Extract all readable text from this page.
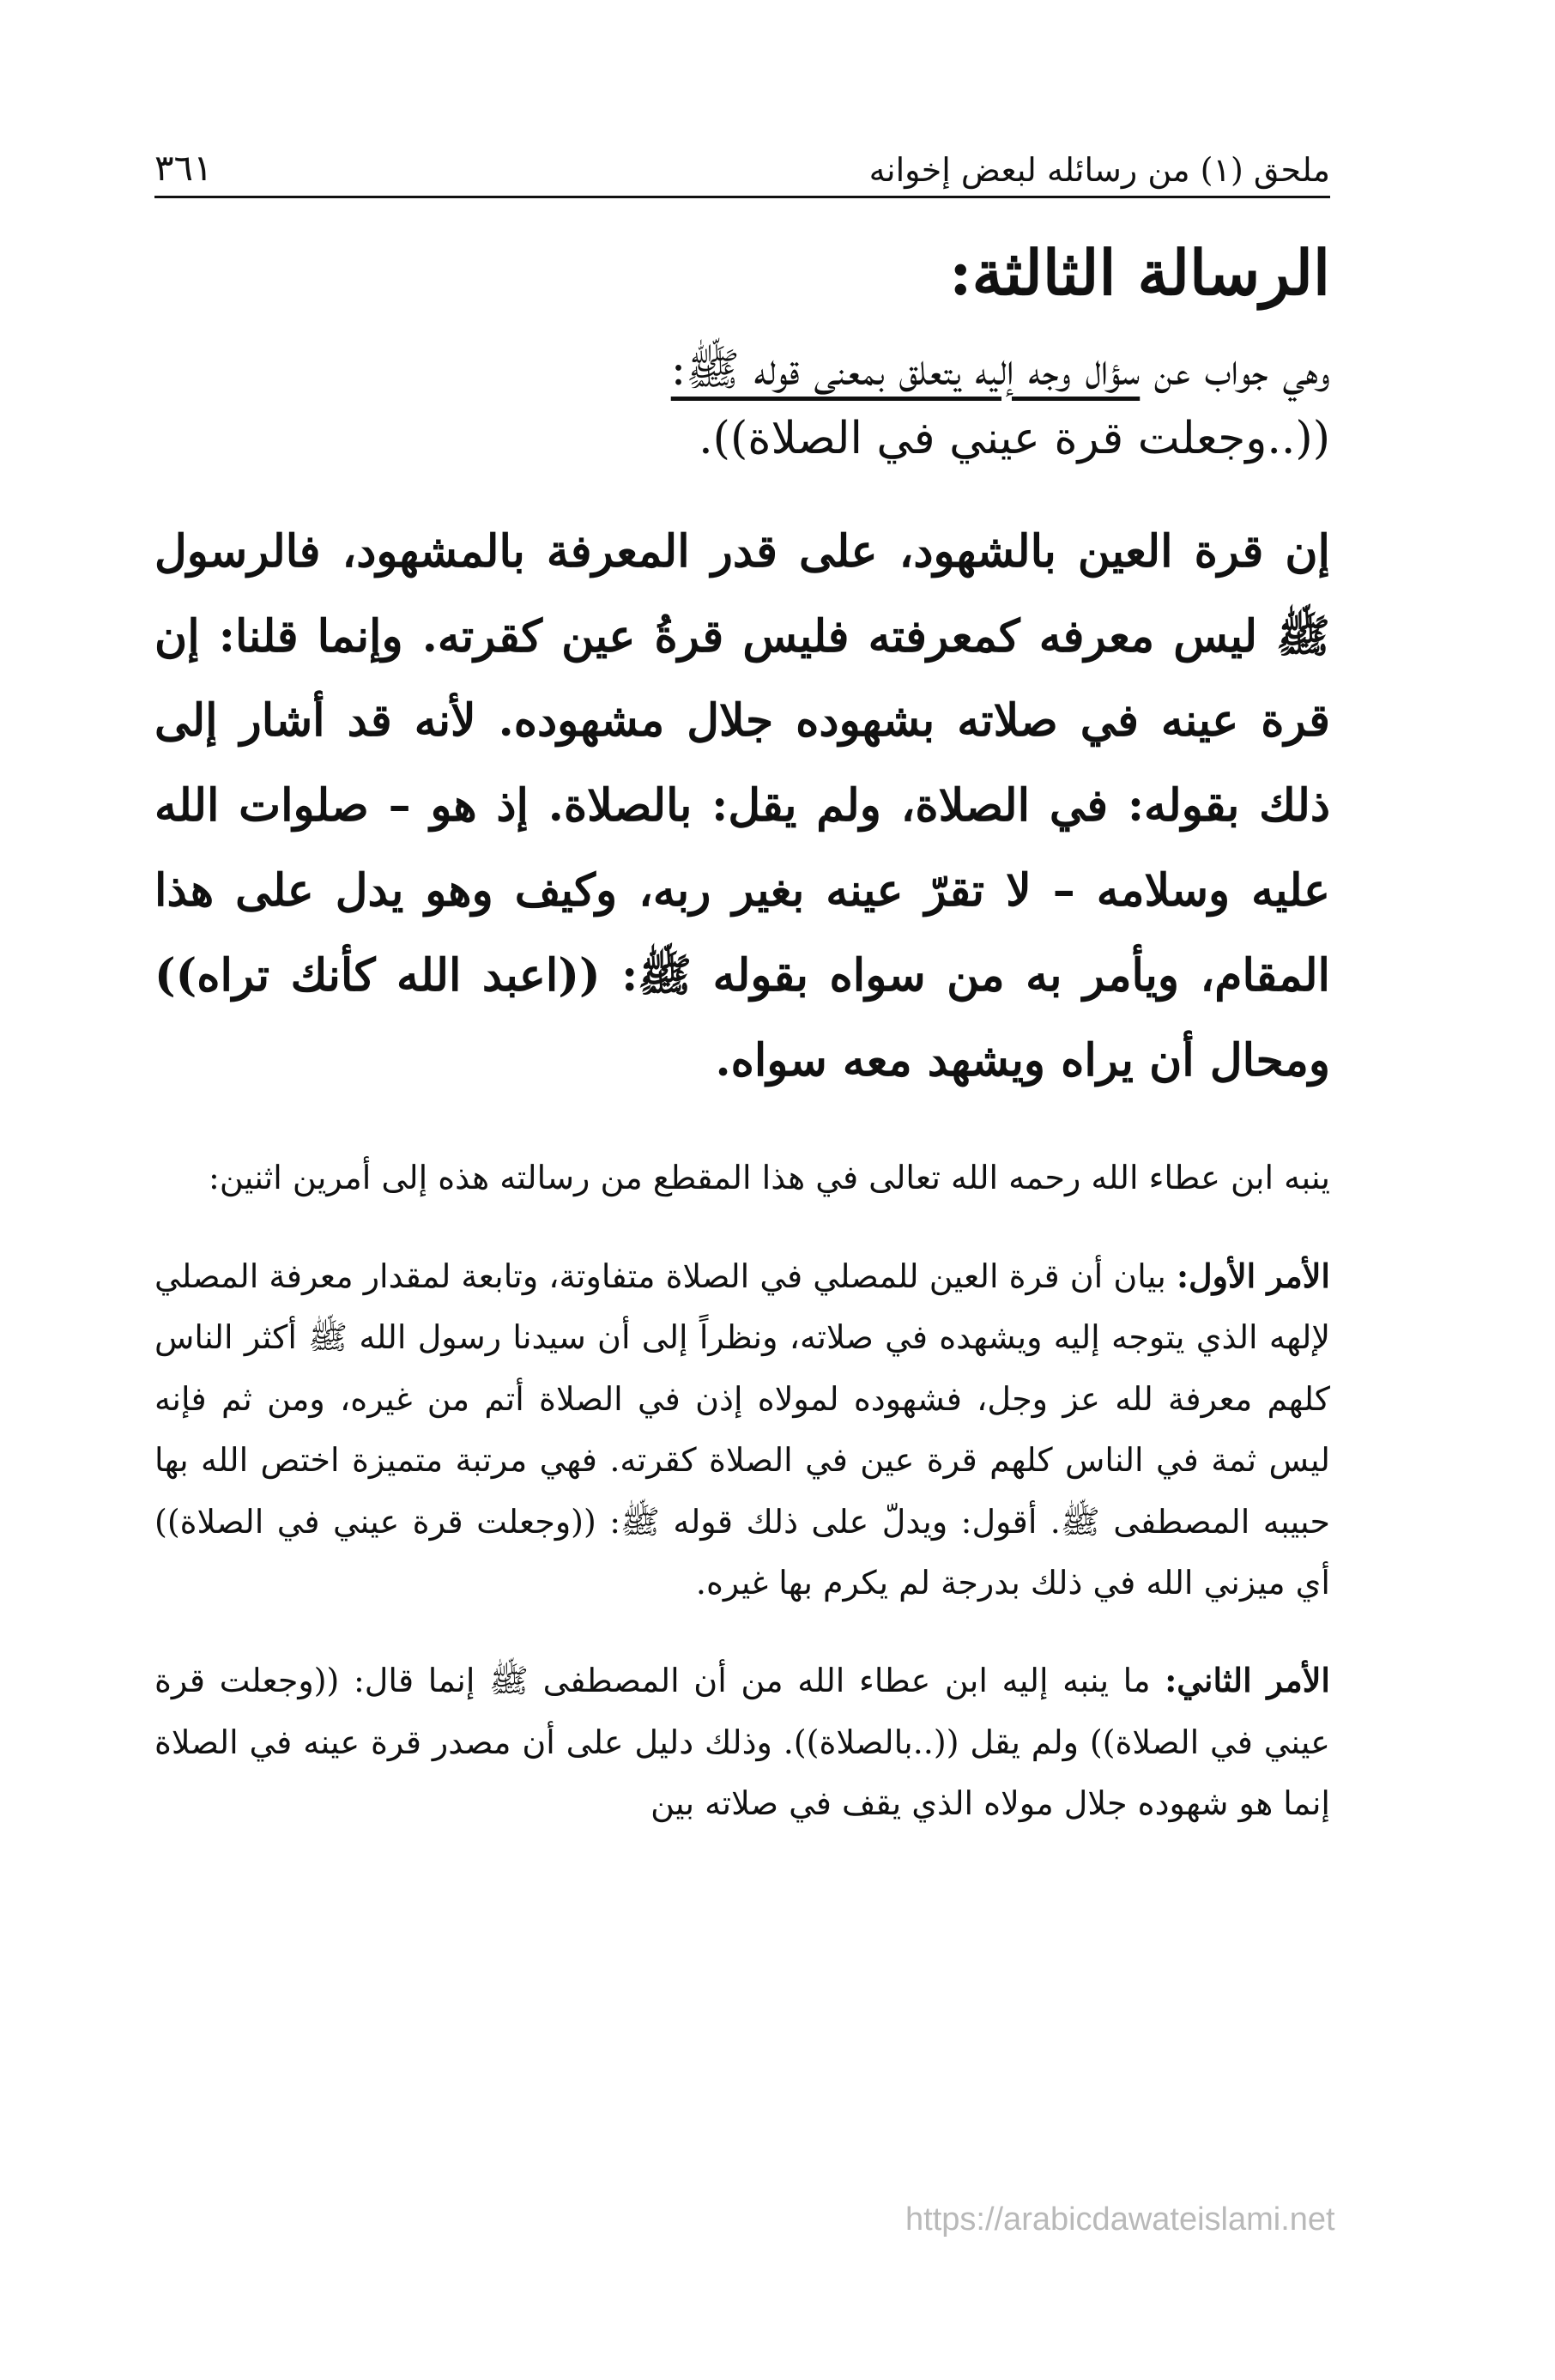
ملحق (١) من رسائله لبعض إخوانه
٣٦١
الرسالة الثالثة:
وهي جواب عن سؤال وجه إليه يتعلق بمعنى قوله ﷺ:
((..وجعلت قرة عيني في الصلاة)).

إن قرة العين بالشهود، على قدر المعرفة بالمشهود، فالرسول ﷺ ليس معرفه كمعرفته فليس قرةُ عين كقرته. وإنما قلنا: إن قرة عينه في صلاته بشهوده جلال مشهوده. لأنه قد أشار إلى ذلك بقوله: في الصلاة، ولم يقل: بالصلاة. إذ هو – صلوات الله عليه وسلامه – لا تقرّ عينه بغير ربه، وكيف وهو يدل على هذا المقام، ويأمر به من سواه بقوله ﷺ: ((اعبد الله كأنك تراه)) ومحال أن يراه ويشهد معه سواه.

ينبه ابن عطاء الله رحمه الله تعالى في هذا المقطع من رسالته هذه إلى أمرين اثنين:

الأمر الأول: بيان أن قرة العين للمصلي في الصلاة متفاوتة، وتابعة لمقدار معرفة المصلي لإلهه الذي يتوجه إليه ويشهده في صلاته، ونظراً إلى أن سيدنا رسول الله ﷺ أكثر الناس كلهم معرفة لله عز وجل، فشهوده لمولاه إذن في الصلاة أتم من غيره، ومن ثم فإنه ليس ثمة في الناس كلهم قرة عين في الصلاة كقرته. فهي مرتبة متميزة اختص الله بها حبيبه المصطفى ﷺ. أقول: ويدلّ على ذلك قوله ﷺ: ((وجعلت قرة عيني في الصلاة)) أي ميزني الله في ذلك بدرجة لم يكرم بها غيره.

الأمر الثاني: ما ينبه إليه ابن عطاء الله من أن المصطفى ﷺ إنما قال: ((وجعلت قرة عيني في الصلاة)) ولم يقل ((..بالصلاة)). وذلك دليل على أن مصدر قرة عينه في الصلاة إنما هو شهوده جلال مولاه الذي يقف في صلاته بين

https://arabicdawateislami.net
